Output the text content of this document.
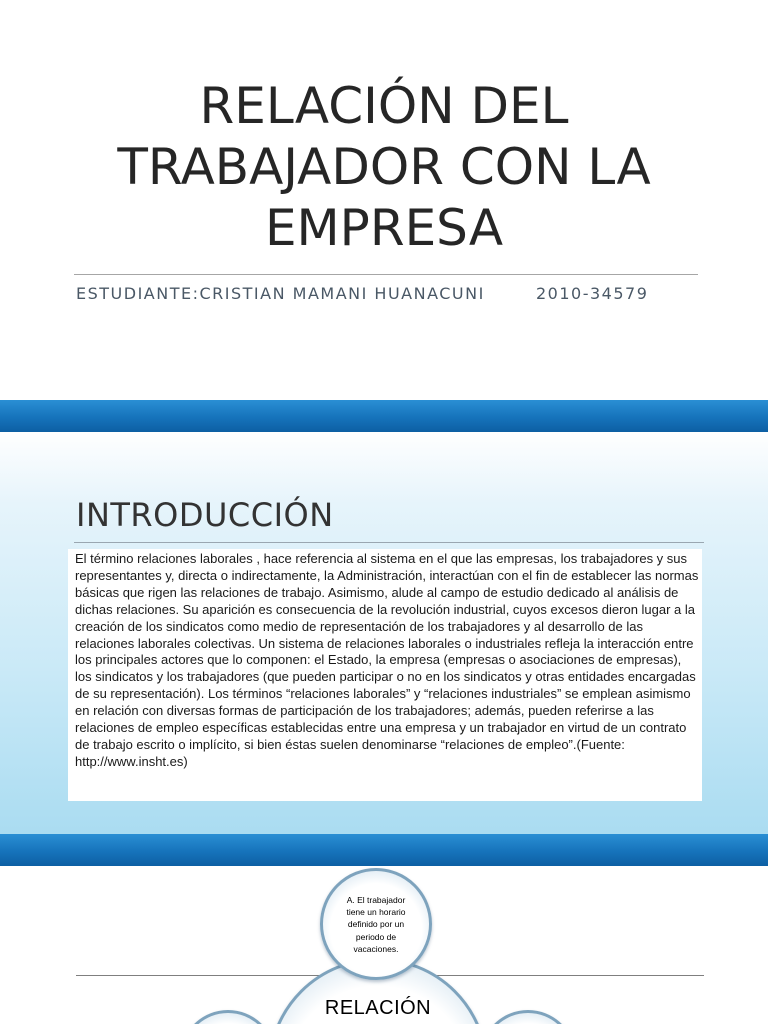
RELACIÓN DEL
TRABAJADOR CON LA
EMPRESA
ESTUDIANTE:CRISTIAN MAMANI HUANACUNI	2010-34579
INTRODUCCIÓN
El término relaciones laborales , hace referencia al sistema en el que las empresas, los trabajadores y sus representantes y, directa o indirectamente, la Administración, interactúan con el fin de establecer las normas básicas que rigen las relaciones de trabajo. Asimismo, alude al campo de estudio dedicado al análisis de dichas relaciones. Su aparición es consecuencia de la revolución industrial, cuyos excesos dieron lugar a la creación de los sindicatos como medio de representación de los trabajadores y al desarrollo de las relaciones laborales colectivas. Un sistema de relaciones laborales o industriales refleja la interacción entre los principales actores que lo componen: el Estado, la empresa (empresas o asociaciones de empresas), los sindicatos y los trabajadores (que pueden participar o no en los sindicatos y otras entidades encargadas de su representación). Los términos “relaciones laborales” y “relaciones industriales” se emplean asimismo en relación con diversas formas de participación de los trabajadores; además, pueden referirse a las relaciones de empleo específicas establecidas entre una empresa y un trabajador en virtud de un contrato de trabajo escrito o implícito, si bien éstas suelen denominarse “relaciones de empleo”.(Fuente: http://www.insht.es)
RELACIÓN
A. El trabajador tiene un horario definido por un periodo de vacaciones.
